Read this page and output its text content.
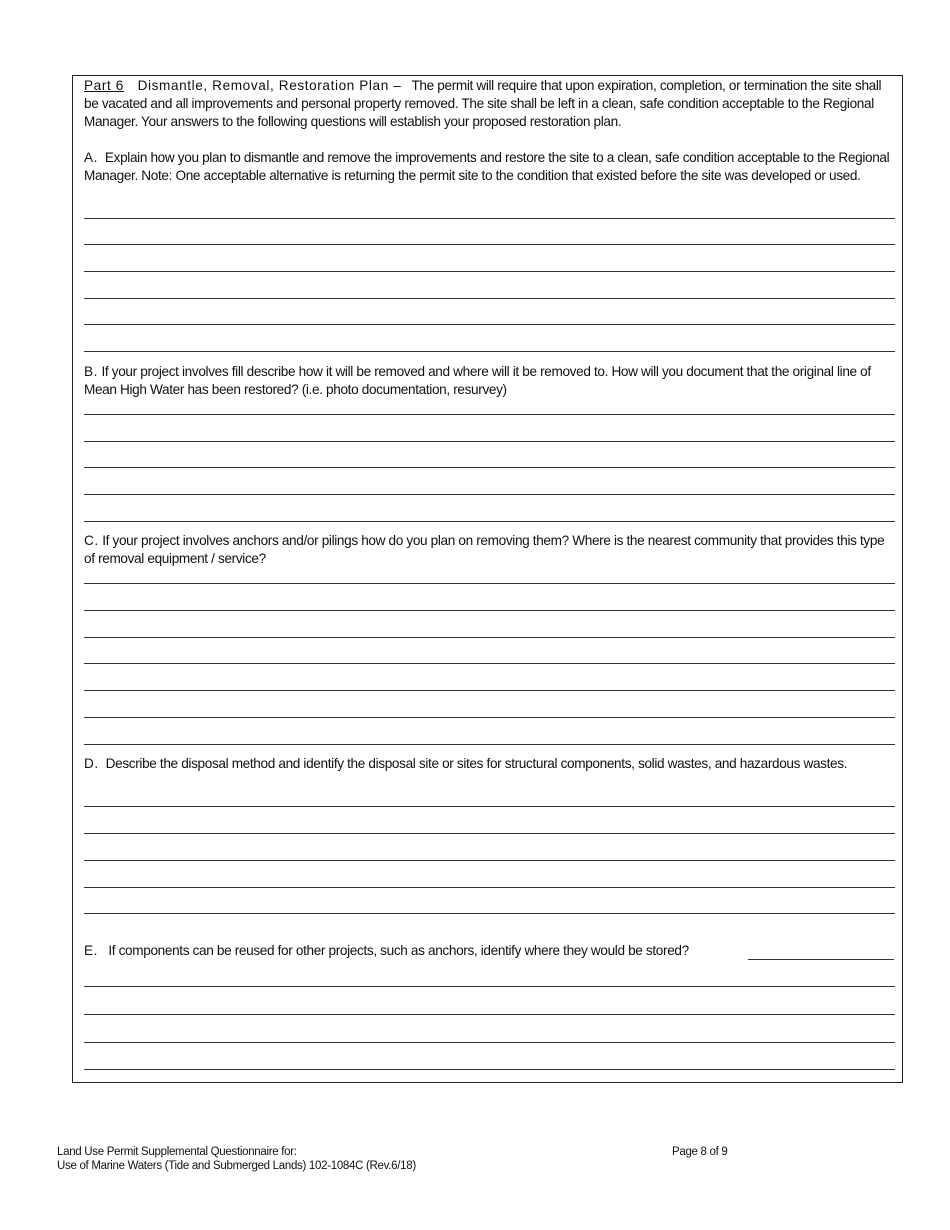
Part 6 Dismantle, Removal, Restoration Plan – The permit will require that upon expiration, completion, or termination the site shall be vacated and all improvements and personal property removed. The site shall be left in a clean, safe condition acceptable to the Regional Manager. Your answers to the following questions will establish your proposed restoration plan.

A. Explain how you plan to dismantle and remove the improvements and restore the site to a clean, safe condition acceptable to the Regional Manager. Note: One acceptable alternative is returning the permit site to the condition that existed before the site was developed or used.

B. If your project involves fill describe how it will be removed and where will it be removed to. How will you document that the original line of Mean High Water has been restored? (i.e. photo documentation, resurvey)

C. If your project involves anchors and/or pilings how do you plan on removing them? Where is the nearest community that provides this type of removal equipment / service?

D. Describe the disposal method and identify the disposal site or sites for structural components, solid wastes, and hazardous wastes.

E. If components can be reused for other projects, such as anchors, identify where they would be stored?

Land Use Permit Supplemental Questionnaire for:
Use of Marine Waters (Tide and Submerged Lands) 102-1084C (Rev.6/18)
Page 8 of 9
